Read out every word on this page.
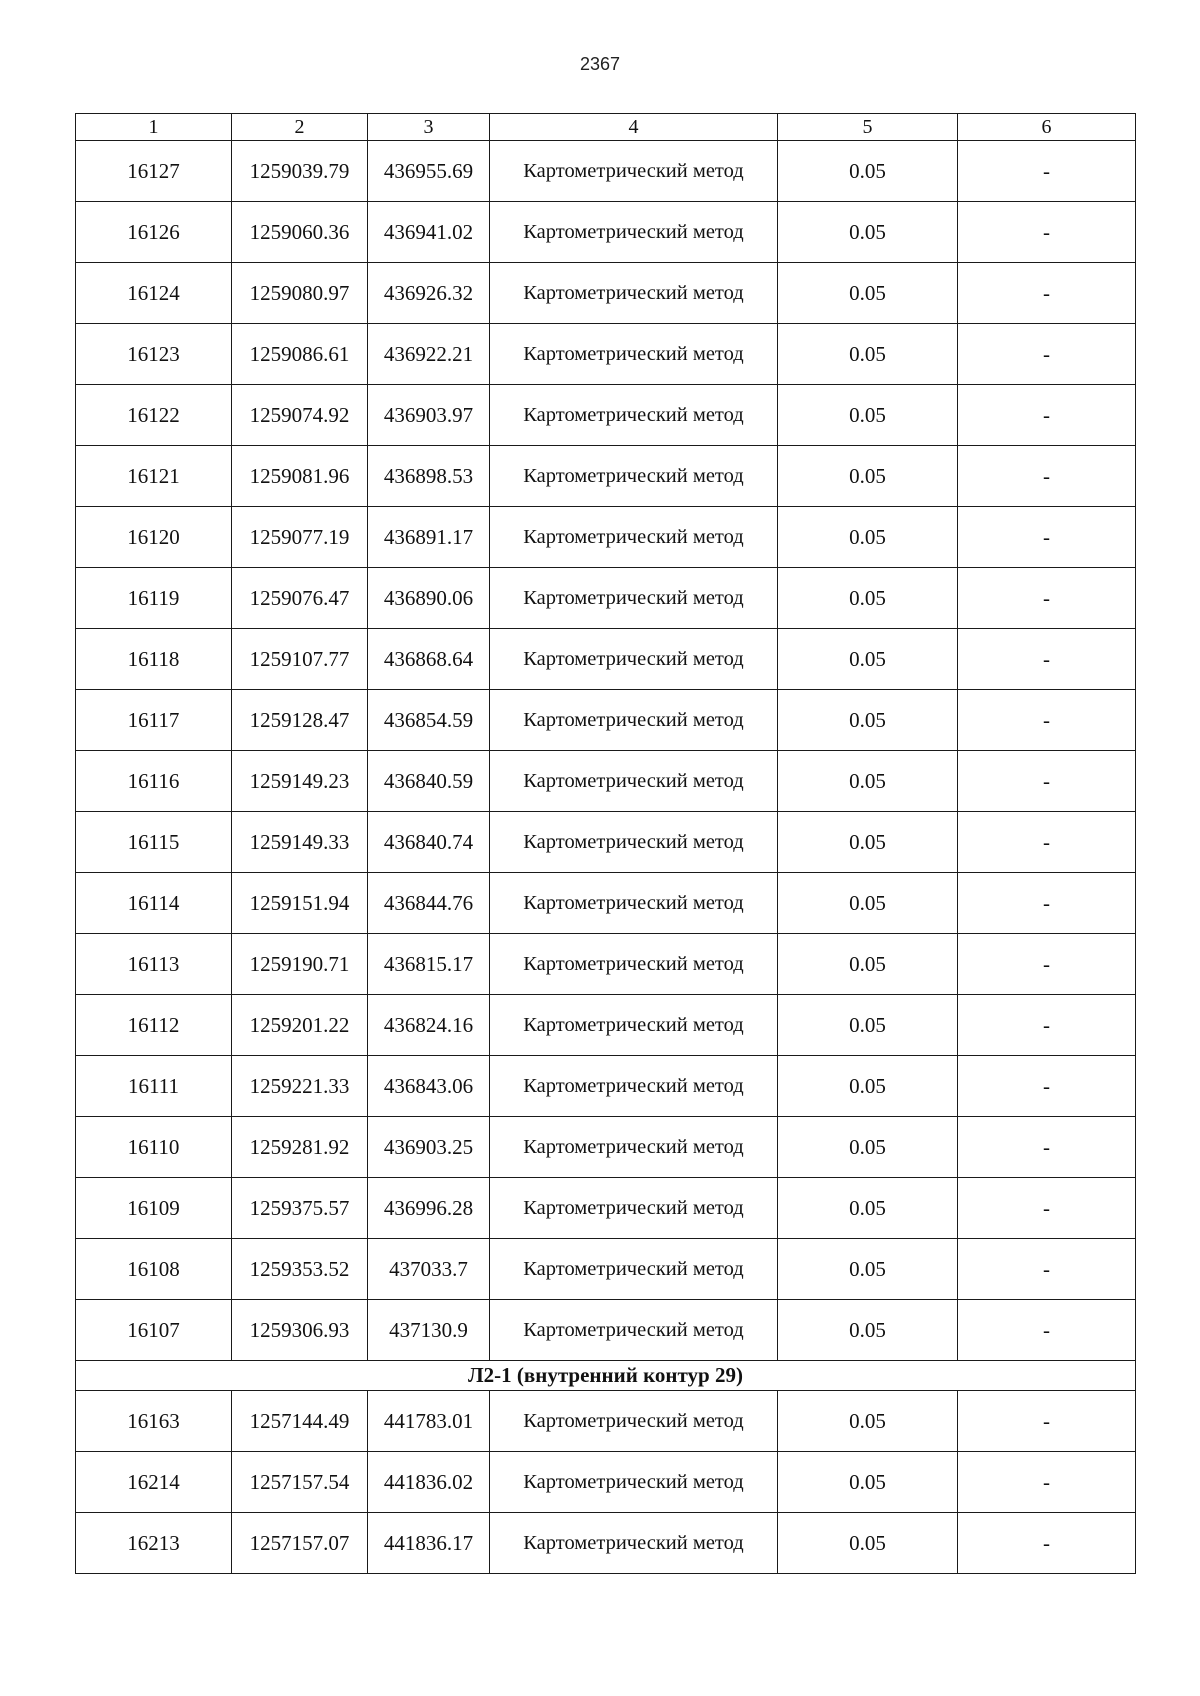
2367
1	2	3	4	5	6
16127	1259039.79	436955.69	Картометрический метод	0.05	-
16126	1259060.36	436941.02	Картометрический метод	0.05	-
16124	1259080.97	436926.32	Картометрический метод	0.05	-
16123	1259086.61	436922.21	Картометрический метод	0.05	-
16122	1259074.92	436903.97	Картометрический метод	0.05	-
16121	1259081.96	436898.53	Картометрический метод	0.05	-
16120	1259077.19	436891.17	Картометрический метод	0.05	-
16119	1259076.47	436890.06	Картометрический метод	0.05	-
16118	1259107.77	436868.64	Картометрический метод	0.05	-
16117	1259128.47	436854.59	Картометрический метод	0.05	-
16116	1259149.23	436840.59	Картометрический метод	0.05	-
16115	1259149.33	436840.74	Картометрический метод	0.05	-
16114	1259151.94	436844.76	Картометрический метод	0.05	-
16113	1259190.71	436815.17	Картометрический метод	0.05	-
16112	1259201.22	436824.16	Картометрический метод	0.05	-
16111	1259221.33	436843.06	Картометрический метод	0.05	-
16110	1259281.92	436903.25	Картометрический метод	0.05	-
16109	1259375.57	436996.28	Картометрический метод	0.05	-
16108	1259353.52	437033.7	Картометрический метод	0.05	-
16107	1259306.93	437130.9	Картометрический метод	0.05	-
Л2-1 (внутренний контур 29)					
16163	1257144.49	441783.01	Картометрический метод	0.05	-
16214	1257157.54	441836.02	Картометрический метод	0.05	-
16213	1257157.07	441836.17	Картометрический метод	0.05	-
